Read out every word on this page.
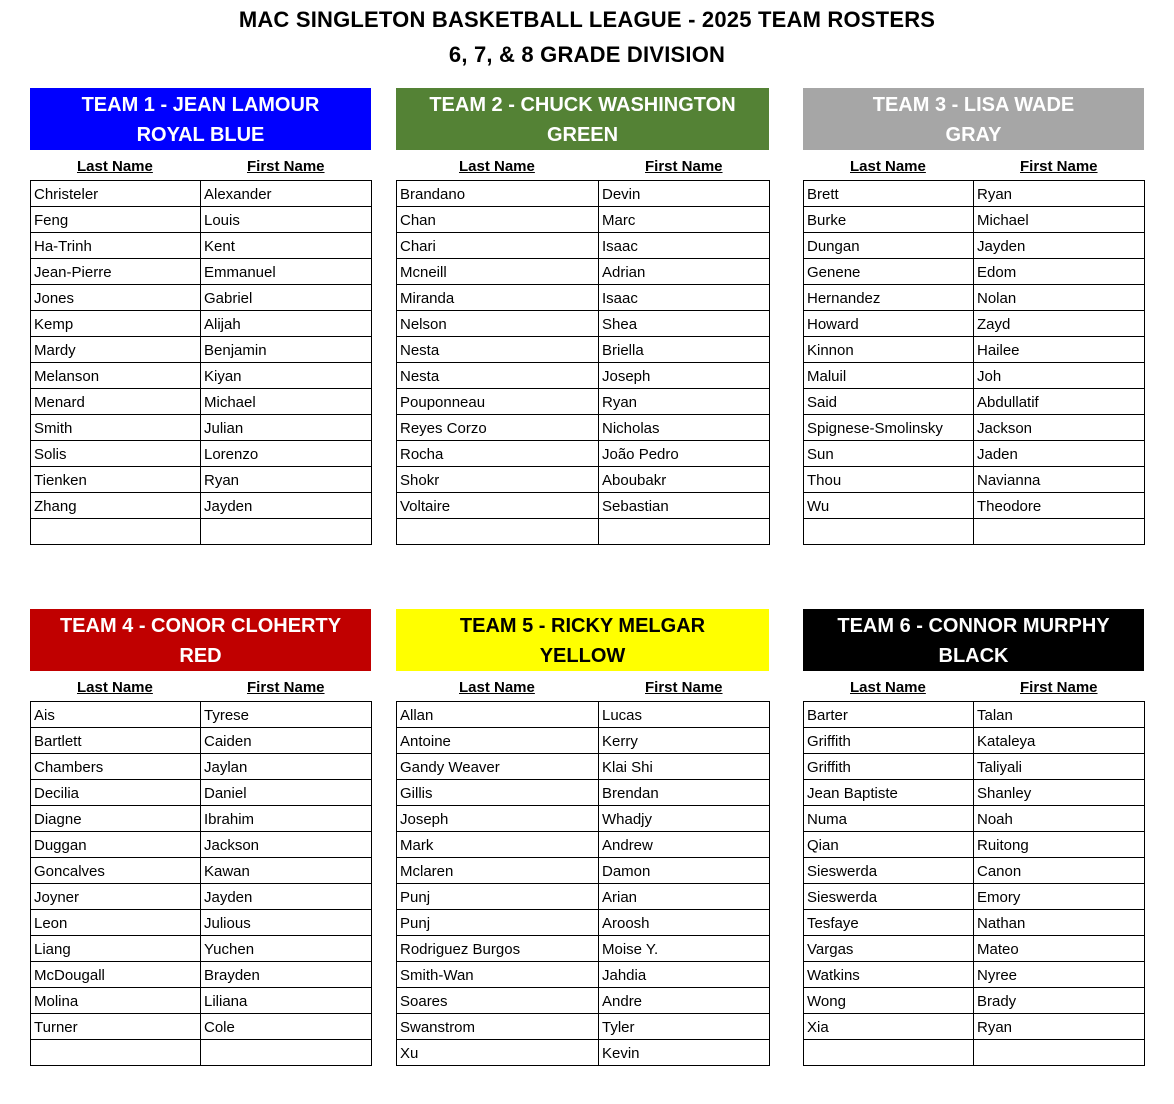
MAC SINGLETON BASKETBALL LEAGUE - 2025 TEAM ROSTERS
6, 7, & 8 GRADE DIVISION
TEAM 1 - JEAN LAMOUR
ROYAL BLUE
Last Name	First Name
Christeler	Alexander
Feng	Louis
Ha-Trinh	Kent
Jean-Pierre	Emmanuel
Jones	Gabriel
Kemp	Alijah
Mardy	Benjamin
Melanson	Kiyan
Menard	Michael
Smith	Julian
Solis	Lorenzo
Tienken	Ryan
Zhang	Jayden

TEAM 2 - CHUCK WASHINGTON
GREEN
Last Name	First Name
Brandano	Devin
Chan	Marc
Chari	Isaac
Mcneill	Adrian
Miranda	Isaac
Nelson	Shea
Nesta	Briella
Nesta	Joseph
Pouponneau	Ryan
Reyes Corzo	Nicholas
Rocha	João Pedro
Shokr	Aboubakr
Voltaire	Sebastian

TEAM 3 - LISA WADE
GRAY
Last Name	First Name
Brett	Ryan
Burke	Michael
Dungan	Jayden
Genene	Edom
Hernandez	Nolan
Howard	Zayd
Kinnon	Hailee
Maluil	Joh
Said	Abdullatif
Spignese-Smolinsky	Jackson
Sun	Jaden
Thou	Navianna
Wu	Theodore

TEAM 4 - CONOR CLOHERTY
RED
Last Name	First Name
Ais	Tyrese
Bartlett	Caiden
Chambers	Jaylan
Decilia	Daniel
Diagne	Ibrahim
Duggan	Jackson
Goncalves	Kawan
Joyner	Jayden
Leon	Julious
Liang	Yuchen
McDougall	Brayden
Molina	Liliana
Turner	Cole

TEAM 5 - RICKY MELGAR
YELLOW
Last Name	First Name
Allan	Lucas
Antoine	Kerry
Gandy Weaver	Klai Shi
Gillis	Brendan
Joseph	Whadjy
Mark	Andrew
Mclaren	Damon
Punj	Arian
Punj	Aroosh
Rodriguez Burgos	Moise Y.
Smith-Wan	Jahdia
Soares	Andre
Swanstrom	Tyler
Xu	Kevin
TEAM 6 - CONNOR MURPHY
BLACK
Last Name	First Name
Barter	Talan
Griffith	Kataleya
Griffith	Taliyali
Jean Baptiste	Shanley
Numa	Noah
Qian	Ruitong
Sieswerda	Canon
Sieswerda	Emory
Tesfaye	Nathan
Vargas	Mateo
Watkins	Nyree
Wong	Brady
Xia	Ryan
